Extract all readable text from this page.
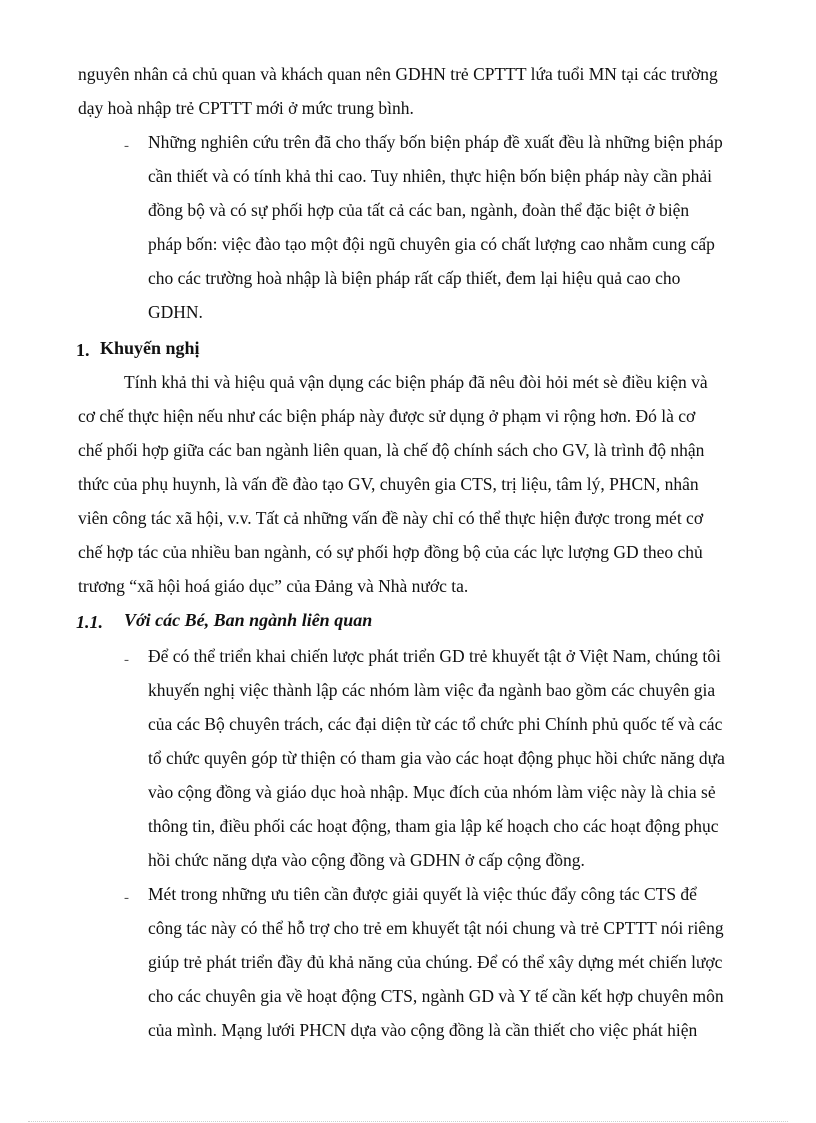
nguyên nhân cả chủ quan và khách quan nên GDHN trẻ CPTTT lứa tuổi MN tại các trường
dạy hoà nhập trẻ CPTTT mới ở mức trung bình.
- Những nghiên cứu trên đã cho thấy bốn biện pháp đề xuất đều là những biện pháp
cần thiết và có tính khả thi cao. Tuy nhiên, thực hiện bốn biện pháp này cần phải
đồng bộ và có sự phối hợp của tất cả các ban, ngành, đoàn thể đặc biệt ở biện
pháp bốn: việc đào tạo một đội ngũ chuyên gia có chất lượng cao nhằm cung cấp
cho các trường hoà nhập là biện pháp rất cấp thiết, đem lại hiệu quả cao cho
GDHN.
1. Khuyến nghị
Tính khả thi và hiệu quả vận dụng các biện pháp đã nêu đòi hỏi mét sè điều kiện và
cơ chế thực hiện nếu như các biện pháp này được sử dụng ở phạm vi rộng hơn. Đó là cơ
chế phối hợp giữa các ban ngành liên quan, là chế độ chính sách cho GV, là trình độ nhận
thức của phụ huynh, là vấn đề đào tạo GV, chuyên gia CTS, trị liệu, tâm lý, PHCN, nhân
viên công tác xã hội, v.v. Tất cả những vấn đề này chỉ có thể thực hiện được trong mét cơ
chế hợp tác của nhiều ban ngành, có sự phối hợp đồng bộ của các lực lượng GD theo chủ
trương “xã hội hoá giáo dục” của Đảng và Nhà nước ta.
1.1. Với các Bé, Ban ngành liên quan
- Để có thể triển khai chiến lược phát triển GD trẻ khuyết tật ở Việt Nam, chúng tôi
khuyến nghị việc thành lập các nhóm làm việc đa ngành bao gồm các chuyên gia
của các Bộ chuyên trách, các đại diện từ các tổ chức phi Chính phủ quốc tế và các
tổ chức quyên góp từ thiện có tham gia vào các hoạt động phục hồi chức năng dựa
vào cộng đồng và giáo dục hoà nhập. Mục đích của nhóm làm việc này là chia sẻ
thông tin, điều phối các hoạt động, tham gia lập kế hoạch cho các hoạt động phục
hồi chức năng dựa vào cộng đồng và GDHN ở cấp cộng đồng.
- Mét trong những ưu tiên cần được giải quyết là việc thúc đẩy công tác CTS để
công tác này có thể hỗ trợ cho trẻ em khuyết tật nói chung và trẻ CPTTT nói riêng
giúp trẻ phát triển đầy đủ khả năng của chúng. Để có thể xây dựng mét chiến lược
cho các chuyên gia về hoạt động CTS, ngành GD và Y tế cần kết hợp chuyên môn
của mình. Mạng lưới PHCN dựa vào cộng đồng là cần thiết cho việc phát hiện
